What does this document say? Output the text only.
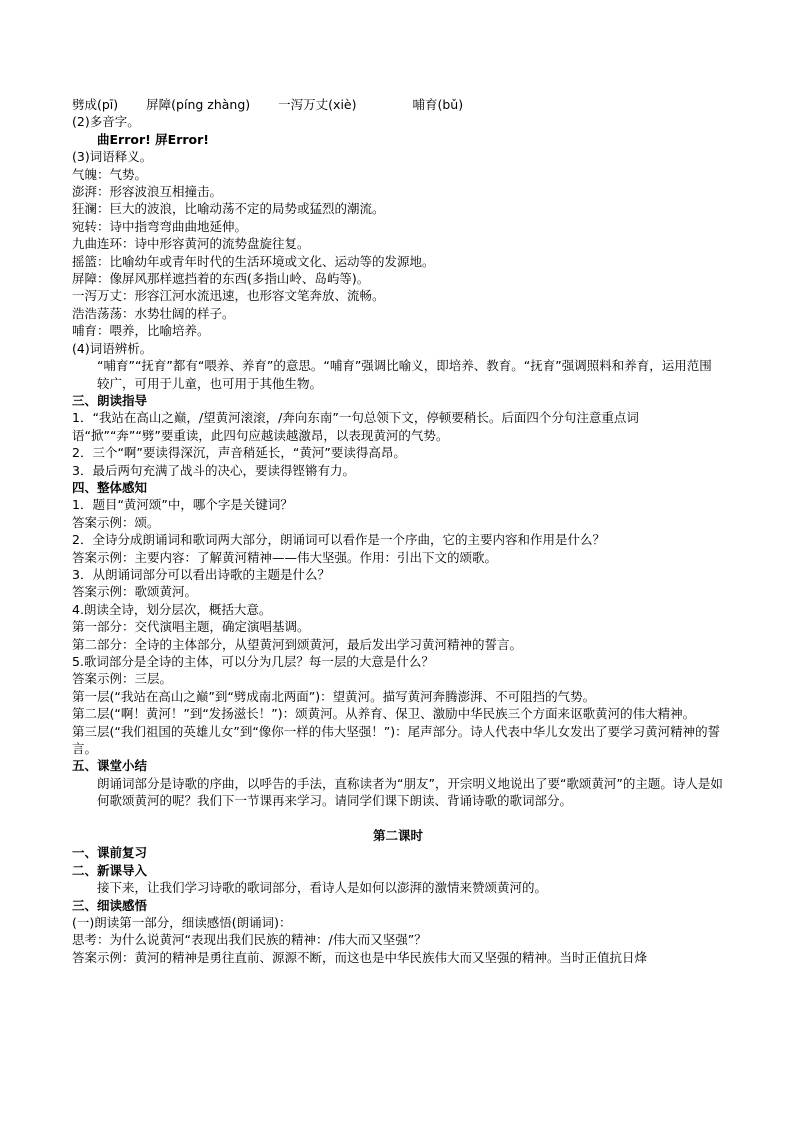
劈成(pī) 屏障(píng zhàng) 一泻万丈(xiè)	哺育(bǔ)
(2)多音字。
曲Error! 屏Error!
(3)词语释义。
气魄：气势。
澎湃：形容波浪互相撞击。
狂澜：巨大的波浪，比喻动荡不定的局势或猛烈的潮流。
宛转：诗中指弯弯曲曲地延伸。
九曲连环：诗中形容黄河的流势盘旋往复。
摇篮：比喻幼年或青年时代的生活环境或文化、运动等的发源地。
屏障：像屏风那样遮挡着的东西(多指山岭、岛屿等)。
一泻万丈：形容江河水流迅速，也形容文笔奔放、流畅。
浩浩荡荡：水势壮阔的样子。
哺育：喂养，比喻培养。
(4)词语辨析。
“哺育”“抚育”都有“喂养、养育”的意思。“哺育”强调比喻义，即培养、教育。“抚育”强调照料和养育，运用范围较广，可用于儿童，也可用于其他生物。
三、朗读指导
1．“我站在高山之巅，/望黄河滚滚，/奔向东南”一句总领下文，停顿要稍长。后面四个分句注意重点词语“掀”“奔”“劈”要重读，此四句应越读越激昂，以表现黄河的气势。
2．三个“啊”要读得深沉，声音稍延长，“黄河”要读得高昂。
3．最后两句充满了战斗的决心，要读得铿锵有力。
四、整体感知
1．题目“黄河颂”中，哪个字是关键词？
答案示例：颂。
2．全诗分成朗诵词和歌词两大部分，朗诵词可以看作是一个序曲，它的主要内容和作用是什么？
答案示例：主要内容：了解黄河精神——伟大坚强。作用：引出下文的颂歌。
3．从朗诵词部分可以看出诗歌的主题是什么？
答案示例：歌颂黄河。
4.朗读全诗，划分层次，概括大意。
第一部分：交代演唱主题，确定演唱基调。
第二部分：全诗的主体部分，从望黄河到颂黄河，最后发出学习黄河精神的誓言。
5.歌词部分是全诗的主体，可以分为几层？每一层的大意是什么？
答案示例：三层。
第一层(“我站在高山之巅”到“劈成南北两面”)：望黄河。描写黄河奔腾澎湃、不可阻挡的气势。
第二层(“啊！黄河！”到“发扬滋长！”)：颂黄河。从养育、保卫、激励中华民族三个方面来讴歌黄河的伟大精神。
第三层(“我们祖国的英雄儿女”到“像你一样的伟大坚强！”)：尾声部分。诗人代表中华儿女发出了要学习黄河精神的誓言。
五、课堂小结
朗诵词部分是诗歌的序曲，以呼告的手法，直称读者为“朋友”，开宗明义地说出了要“歌颂黄河”的主题。诗人是如何歌颂黄河的呢？我们下一节课再来学习。请同学们课下朗读、背诵诗歌的歌词部分。
第二课时
一、课前复习
二、新课导入
接下来，让我们学习诗歌的歌词部分，看诗人是如何以澎湃的激情来赞颂黄河的。
三、细读感悟
(一)朗读第一部分，细读感悟(朗诵词)：
思考：为什么说黄河“表现出我们民族的精神：/伟大而又坚强”？
答案示例：黄河的精神是勇往直前、源源不断，而这也是中华民族伟大而又坚强的精神。当时正值抗日烽
